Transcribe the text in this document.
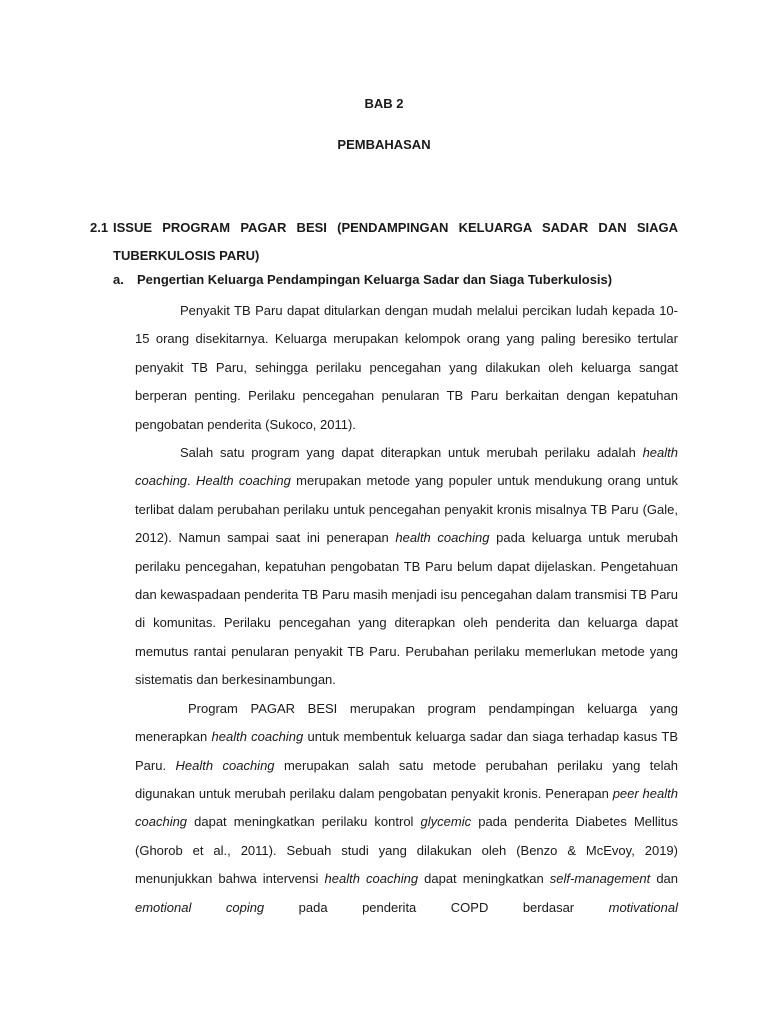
BAB 2
PEMBAHASAN
2.1 ISSUE PROGRAM PAGAR BESI (PENDAMPINGAN KELUARGA SADAR DAN SIAGA TUBERKULOSIS PARU)
a. Pengertian Keluarga Pendampingan Keluarga Sadar dan Siaga Tuberkulosis)

Penyakit TB Paru dapat ditularkan dengan mudah melalui percikan ludah kepada 10-15 orang disekitarnya. Keluarga merupakan kelompok orang yang paling beresiko tertular penyakit TB Paru, sehingga perilaku pencegahan yang dilakukan oleh keluarga sangat berperan penting. Perilaku pencegahan penularan TB Paru berkaitan dengan kepatuhan pengobatan penderita (Sukoco, 2011).

Salah satu program yang dapat diterapkan untuk merubah perilaku adalah health coaching. Health coaching merupakan metode yang populer untuk mendukung orang untuk terlibat dalam perubahan perilaku untuk pencegahan penyakit kronis misalnya TB Paru (Gale, 2012). Namun sampai saat ini penerapan health coaching pada keluarga untuk merubah perilaku pencegahan, kepatuhan pengobatan TB Paru belum dapat dijelaskan. Pengetahuan dan kewaspadaan penderita TB Paru masih menjadi isu pencegahan dalam transmisi TB Paru di komunitas. Perilaku pencegahan yang diterapkan oleh penderita dan keluarga dapat memutus rantai penularan penyakit TB Paru. Perubahan perilaku memerlukan metode yang sistematis dan berkesinambungan.

Program PAGAR BESI merupakan program pendampingan keluarga yang menerapkan health coaching untuk membentuk keluarga sadar dan siaga terhadap kasus TB Paru. Health coaching merupakan salah satu metode perubahan perilaku yang telah digunakan untuk merubah perilaku dalam pengobatan penyakit kronis. Penerapan peer health coaching dapat meningkatkan perilaku kontrol glycemic pada penderita Diabetes Mellitus (Ghorob et al., 2011). Sebuah studi yang dilakukan oleh (Benzo & McEvoy, 2019) menunjukkan bahwa intervensi health coaching dapat meningkatkan self-management dan emotional coping pada penderita COPD berdasar motivational
